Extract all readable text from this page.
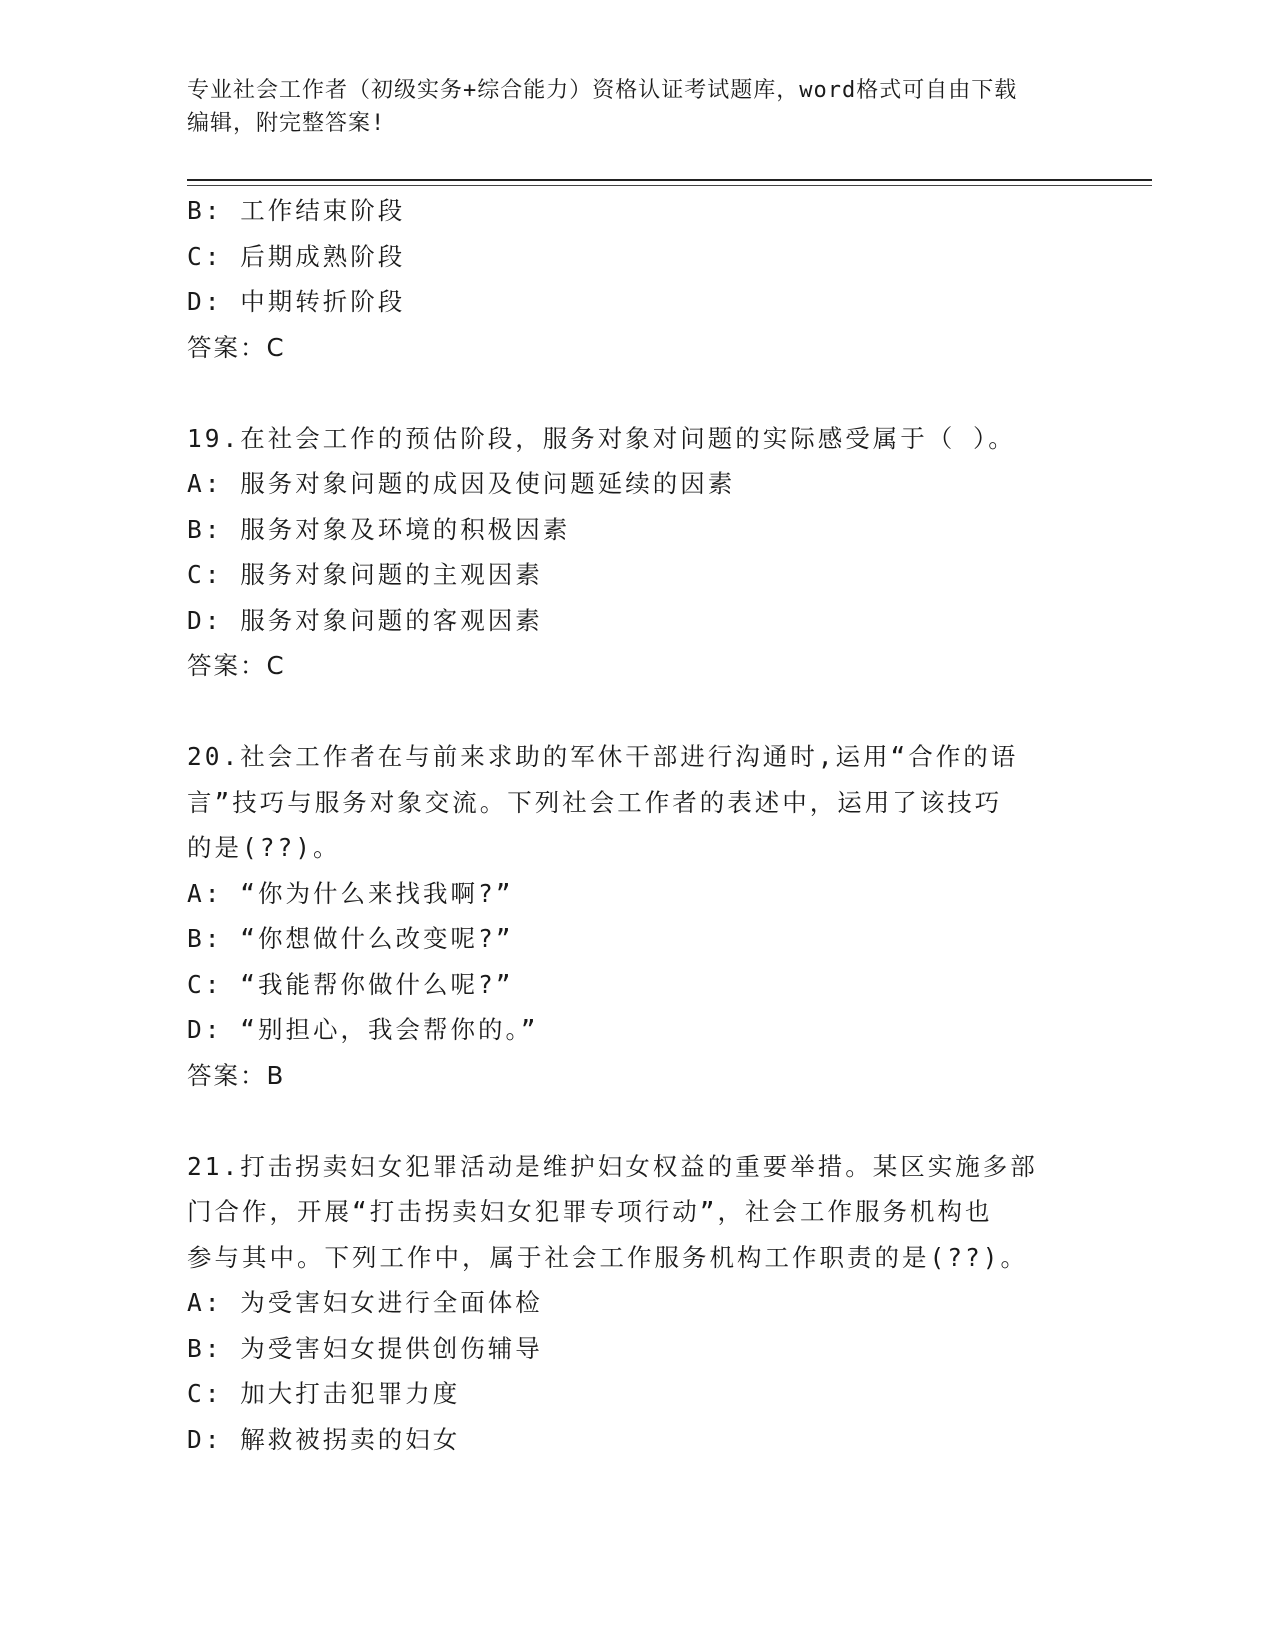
专业社会工作者（初级实务+综合能力）资格认证考试题库，word格式可自由下载
编辑，附完整答案!
B: 工作结束阶段
C: 后期成熟阶段
D: 中期转折阶段
答案：C
19.在社会工作的预估阶段，服务对象对问题的实际感受属于（ ）。
A: 服务对象问题的成因及使问题延续的因素
B: 服务对象及环境的积极因素
C: 服务对象问题的主观因素
D: 服务对象问题的客观因素
答案：C
20.社会工作者在与前来求助的军休干部进行沟通时,运用“合作的语
言”技巧与服务对象交流。下列社会工作者的表述中，运用了该技巧
的是(??)。
A: “你为什么来找我啊?”
B: “你想做什么改变呢?”
C: “我能帮你做什么呢?”
D: “别担心，我会帮你的。”
答案：B
21.打击拐卖妇女犯罪活动是维护妇女权益的重要举措。某区实施多部
门合作，开展“打击拐卖妇女犯罪专项行动”，社会工作服务机构也
参与其中。下列工作中，属于社会工作服务机构工作职责的是(??)。
A: 为受害妇女进行全面体检
B: 为受害妇女提供创伤辅导
C: 加大打击犯罪力度
D: 解救被拐卖的妇女
